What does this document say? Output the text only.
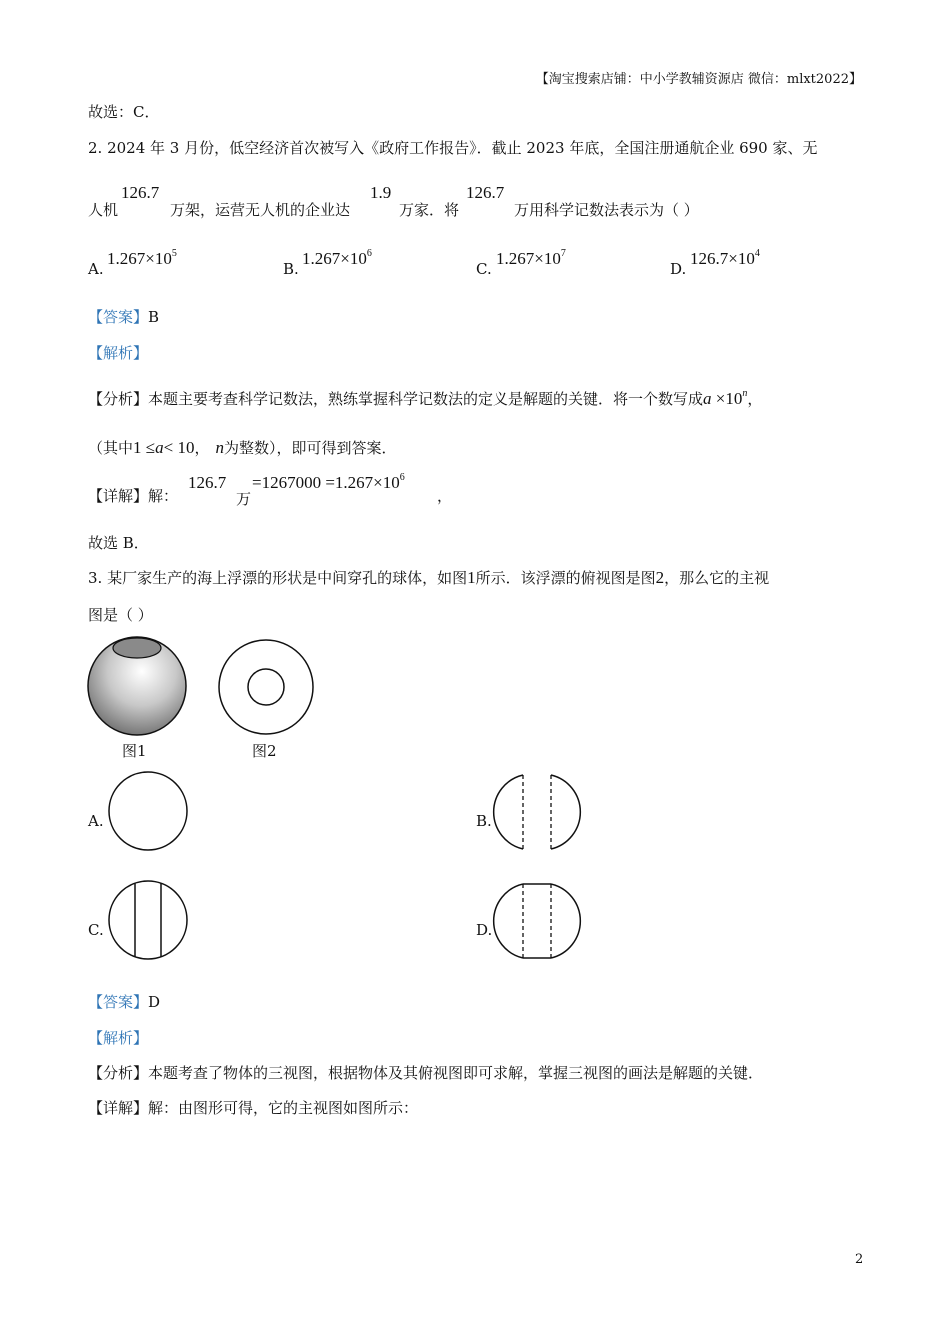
【淘宝搜索店铺：中小学教辅资源店 微信：mlxt2022】
故选：C．
2. 2024 年 3 月份，低空经济首次被写入《政府工作报告》．截止 2023 年底，全国注册通航企业 690 家、无
人机
126.7
万架，运营无人机的企业达
1.9
万家．将
126.7
万用科学记数法表示为（ ）
A.
$1.267\times 10^5$
B.
$1.267\times 10^6$
C.
$1.267\times 10^7$
D.
$126.7\times 10^4$
【答案】B
【解析】
【分析】本题主要考查科学记数法，熟练掌握科学记数法的定义是解题的关键．将一个数写成$a \times 10^n$，
（其中1 ≤a< 10， n为整数），即可得到答案．
【详解】解：
126.7
万
$=1267000 =1.267\times 10^6$
，
故选 B．
3. 某厂家生产的海上浮漂的形状是中间穿孔的球体，如图1所示．该浮漂的俯视图是图2，那么它的主视
图是（ ）
图1	图2
A.	B.
C.	D.
【答案】D
【解析】
【分析】本题考查了物体的三视图，根据物体及其俯视图即可求解，掌握三视图的画法是解题的关键．
【详解】解：由图形可得，它的主视图如图所示：
2
